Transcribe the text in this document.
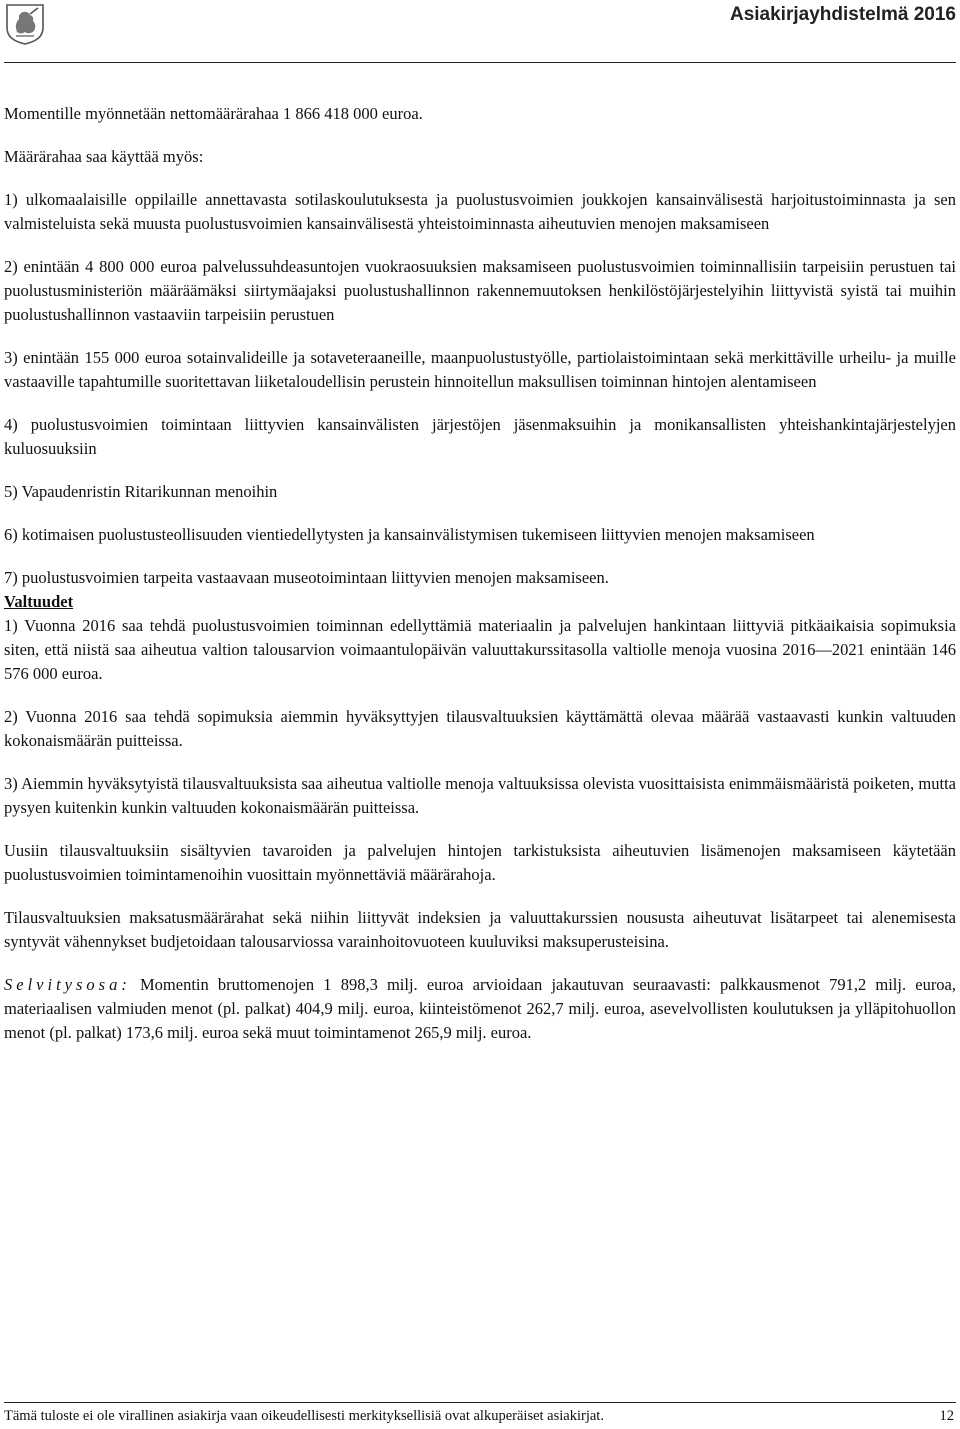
Asiakirjayhdistelmä 2016

Momentille myönnetään nettomäärärahaa 1 866 418 000 euroa.

Määrärahaa saa käyttää myös:

1) ulkomaalaisille oppilaille annettavasta sotilaskoulutuksesta ja puolustusvoimien joukkojen kansainvälisestä harjoitustoiminnasta ja sen valmisteluista sekä muusta puolustusvoimien kansainvälisestä yhteistoiminnasta aiheutuvien menojen maksamiseen

2) enintään 4 800 000 euroa palvelussuhdeasuntojen vuokraosuuksien maksamiseen puolustusvoimien toiminnallisiin tarpeisiin perustuen tai puolustusministeriön määräämäksi siirtymäajaksi puolustushallinnon rakennemuutoksen henkilöstöjärjestelyihin liittyvistä syistä tai muihin puolustushallinnon vastaaviin tarpeisiin perustuen

3) enintään 155 000 euroa sotainvalideille ja sotaveteraaneille, maanpuolustustyölle, partiolaistoimintaan sekä merkittäville urheilu- ja muille vastaaville tapahtumille suoritettavan liiketaloudellisin perustein hinnoitellun maksullisen toiminnan hintojen alentamiseen

4) puolustusvoimien toimintaan liittyvien kansainvälisten järjestöjen jäsenmaksuihin ja monikansallisten yhteishankintajärjestelyjen kuluosuuksiin

5) Vapaudenristin Ritarikunnan menoihin

6) kotimaisen puolustusteollisuuden vientiedellytysten ja kansainvälistymisen tukemiseen liittyvien menojen maksamiseen

7) puolustusvoimien tarpeita vastaavaan museotoimintaan liittyvien menojen maksamiseen.

Valtuudet

1) Vuonna 2016 saa tehdä puolustusvoimien toiminnan edellyttämiä materiaalin ja palvelujen hankintaan liittyviä pitkäaikaisia sopimuksia siten, että niistä saa aiheutua valtion talousarvion voimaantulopäivän valuuttakurssitasolla valtiolle menoja vuosina 2016—2021 enintään 146 576 000 euroa.

2) Vuonna 2016 saa tehdä sopimuksia aiemmin hyväksyttyjen tilausvaltuuksien käyttämättä olevaa määrää vastaavasti kunkin valtuuden kokonaismäärän puitteissa.

3) Aiemmin hyväksytyistä tilausvaltuuksista saa aiheutua valtiolle menoja valtuuksissa olevista vuosittaisista enimmäismääristä poiketen, mutta pysyen kuitenkin kunkin valtuuden kokonaismäärän puitteissa.

Uusiin tilausvaltuuksiin sisältyvien tavaroiden ja palvelujen hintojen tarkistuksista aiheutuvien lisämenojen maksamiseen käytetään puolustusvoimien toimintamenoihin vuosittain myönnettäviä määrärahoja.

Tilausvaltuuksien maksatusmäärärahat sekä niihin liittyvät indeksien ja valuuttakurssien noususta aiheutuvat lisätarpeet tai alenemisesta syntyvät vähennykset budjetoidaan talousarviossa varainhoitovuoteen kuuluviksi maksuperusteisina.

Selvitysosa: Momentin bruttomenojen 1 898,3 milj. euroa arvioidaan jakautuvan seuraavasti: palkkausmenot 791,2 milj. euroa, materiaalisen valmiuden menot (pl. palkat) 404,9 milj. euroa, kiinteistömenot 262,7 milj. euroa, asevelvollisten koulutuksen ja ylläpitohuollon menot (pl. palkat) 173,6 milj. euroa sekä muut toimintamenot 265,9 milj. euroa.

Tämä tuloste ei ole virallinen asiakirja vaan oikeudellisesti merkityksellisiä ovat alkuperäiset asiakirjat.	12
